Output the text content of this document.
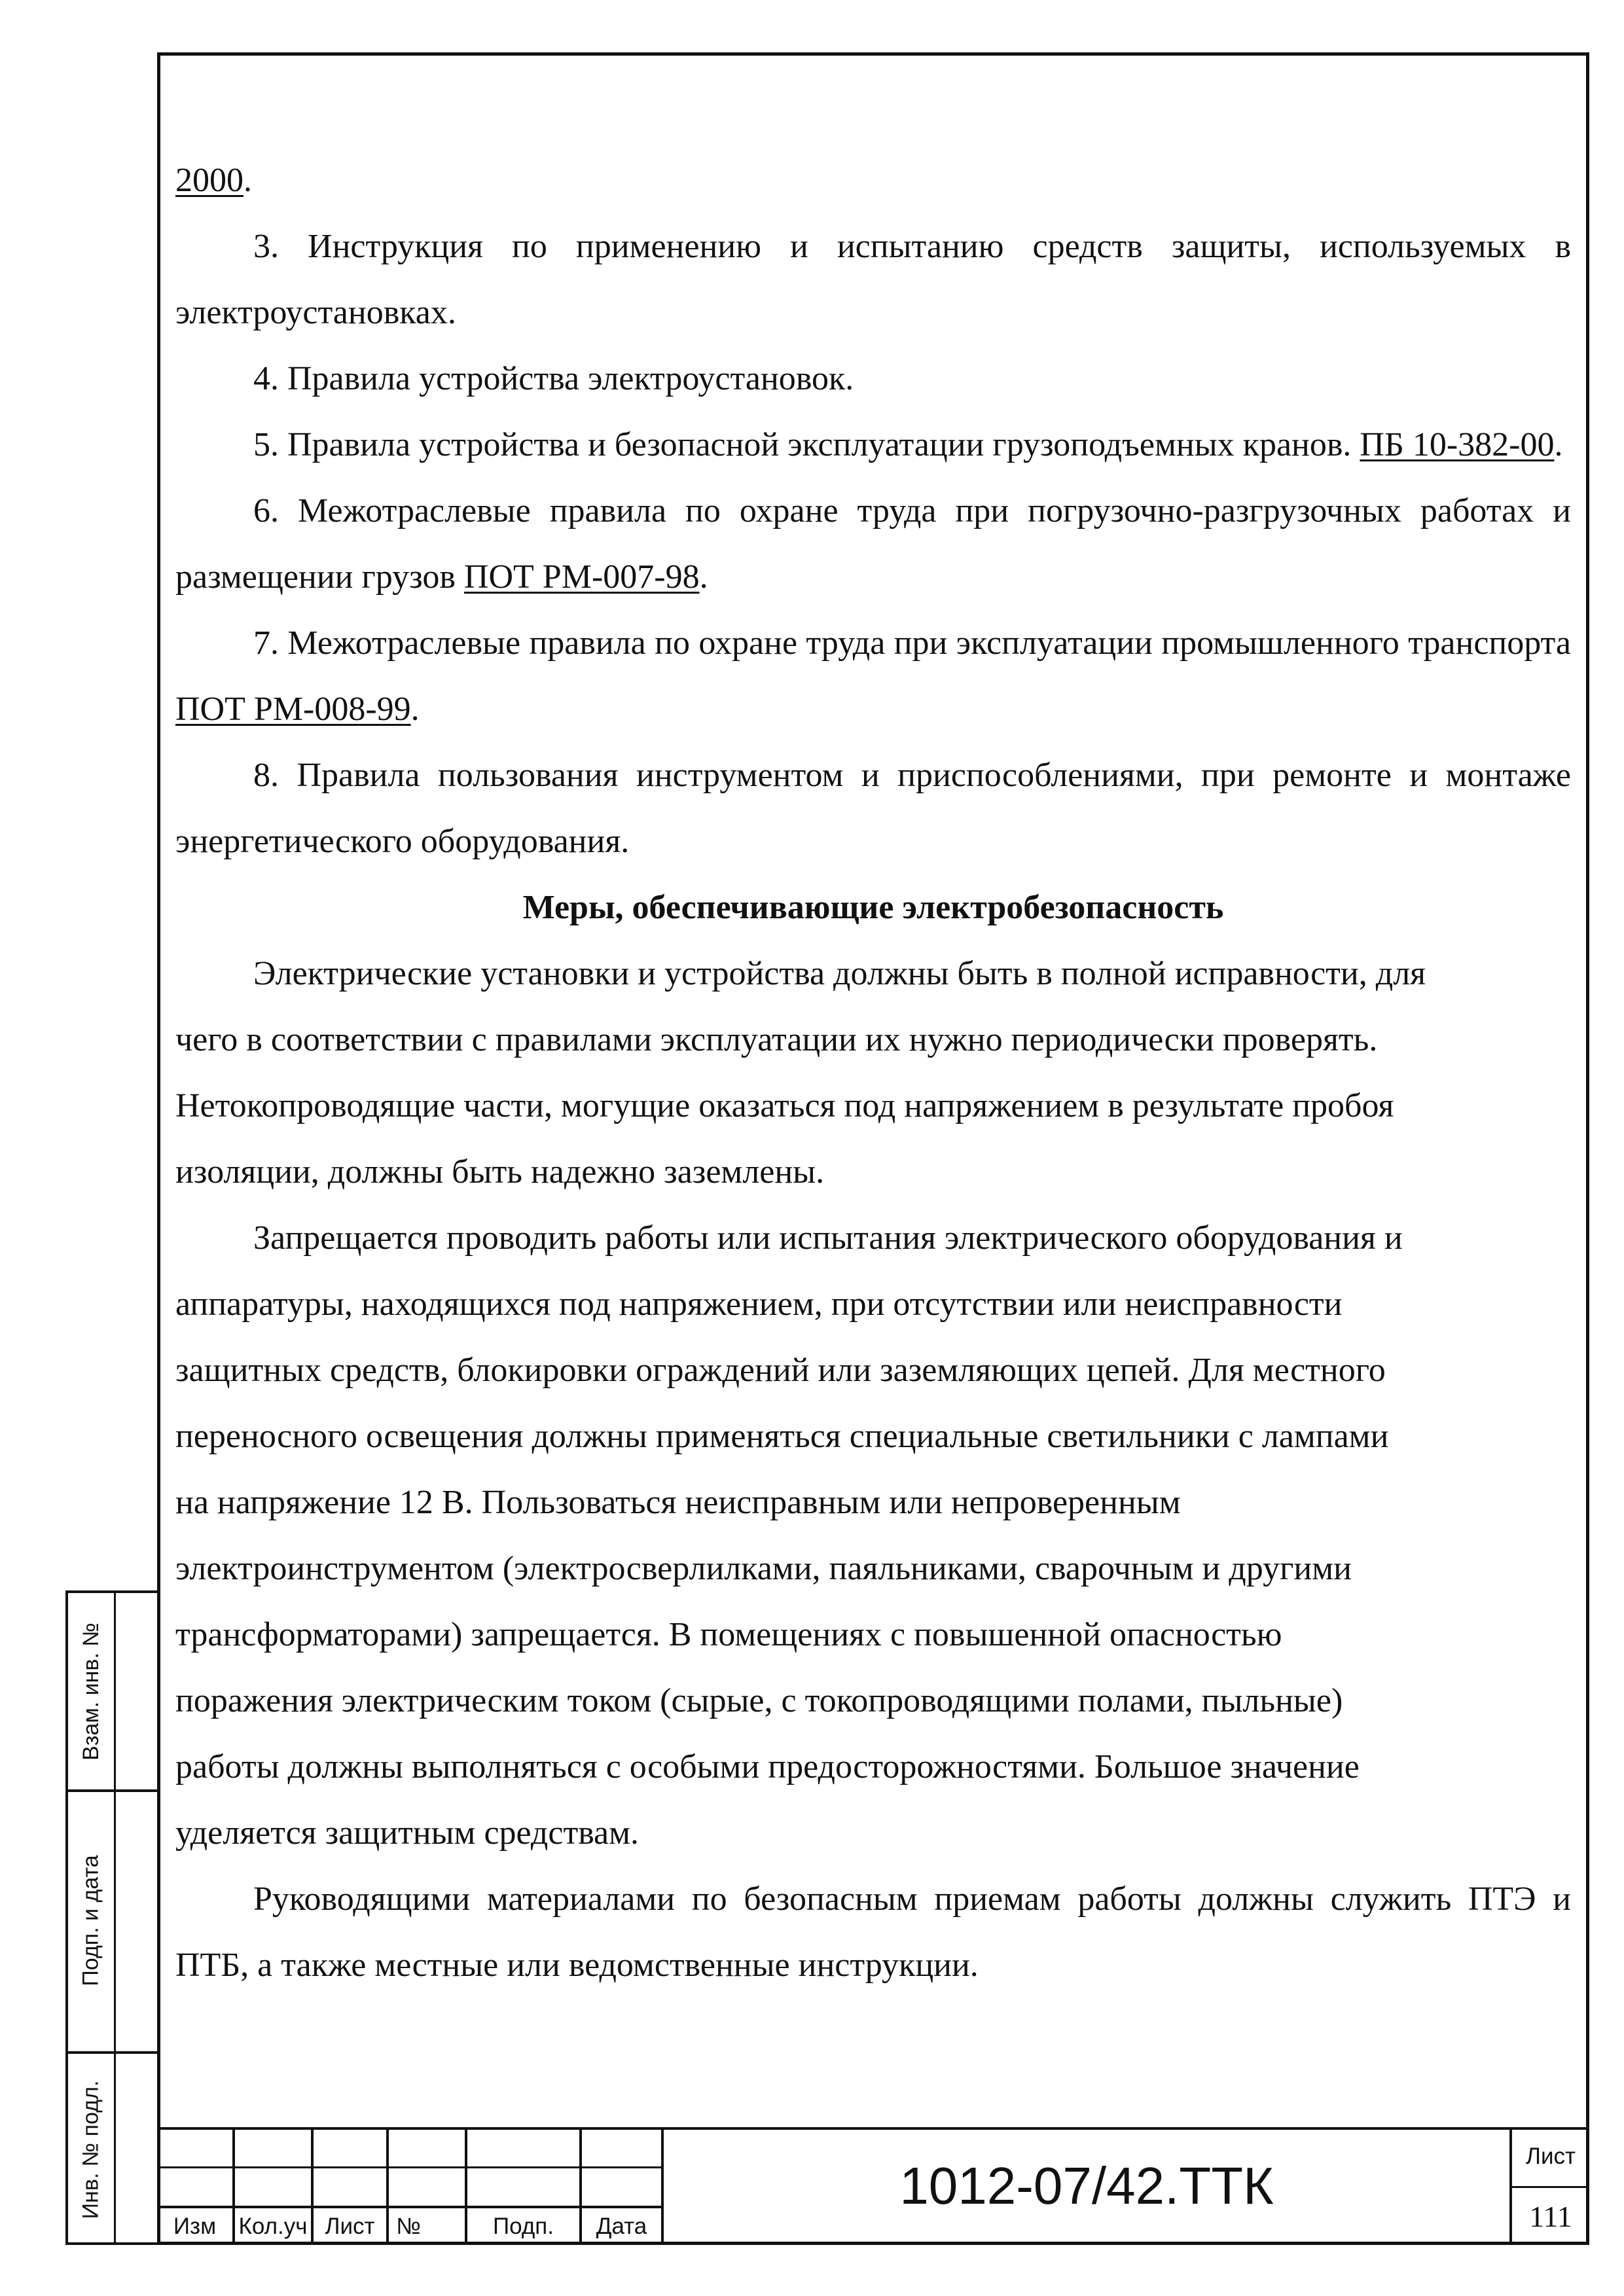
2000.

3. Инструкция по применению и испытанию средств защиты, используемых в электроустановках.

4. Правила устройства электроустановок.

5. Правила устройства и безопасной эксплуатации грузоподъемных кранов. ПБ 10-382-00.

6. Межотраслевые правила по охране труда при погрузочно-разгрузочных работах и размещении грузов ПОТ РМ-007-98.

7. Межотраслевые правила по охране труда при эксплуатации промышленного транспорта ПОТ РМ-008-99.

8. Правила пользования инструментом и приспособлениями, при ремонте и монтаже энергетического оборудования.

Меры, обеспечивающие электробезопасность

Электрические установки и устройства должны быть в полной исправности, для
чего в соответствии с правилами эксплуатации их нужно периодически проверять.
Нетокопроводящие части, могущие оказаться под напряжением в результате пробоя
изоляции, должны быть надежно заземлены.

Запрещается проводить работы или испытания электрического оборудования и
аппаратуры, находящихся под напряжением, при отсутствии или неисправности
защитных средств, блокировки ограждений или заземляющих цепей. Для местного
переносного освещения должны применяться специальные светильники с лампами
на напряжение 12 В. Пользоваться неисправным или непроверенным
электроинструментом (электросверлилками, паяльниками, сварочным и другими
трансформаторами) запрещается. В помещениях с повышенной опасностью
поражения электрическим током (сырые, с токопроводящими полами, пыльные)
работы должны выполняться с особыми предосторожностями. Большое значение
уделяется защитным средствам.

Руководящими материалами по безопасным приемам работы должны служить ПТЭ и ПТБ, а также местные или ведомственные инструкции.

Взам. инв. №
Подп. и дата
Инв. № подл.
Изм Кол.уч Лист №	Подп.	Дата
1012-07/42.ТТК
Лист
111
